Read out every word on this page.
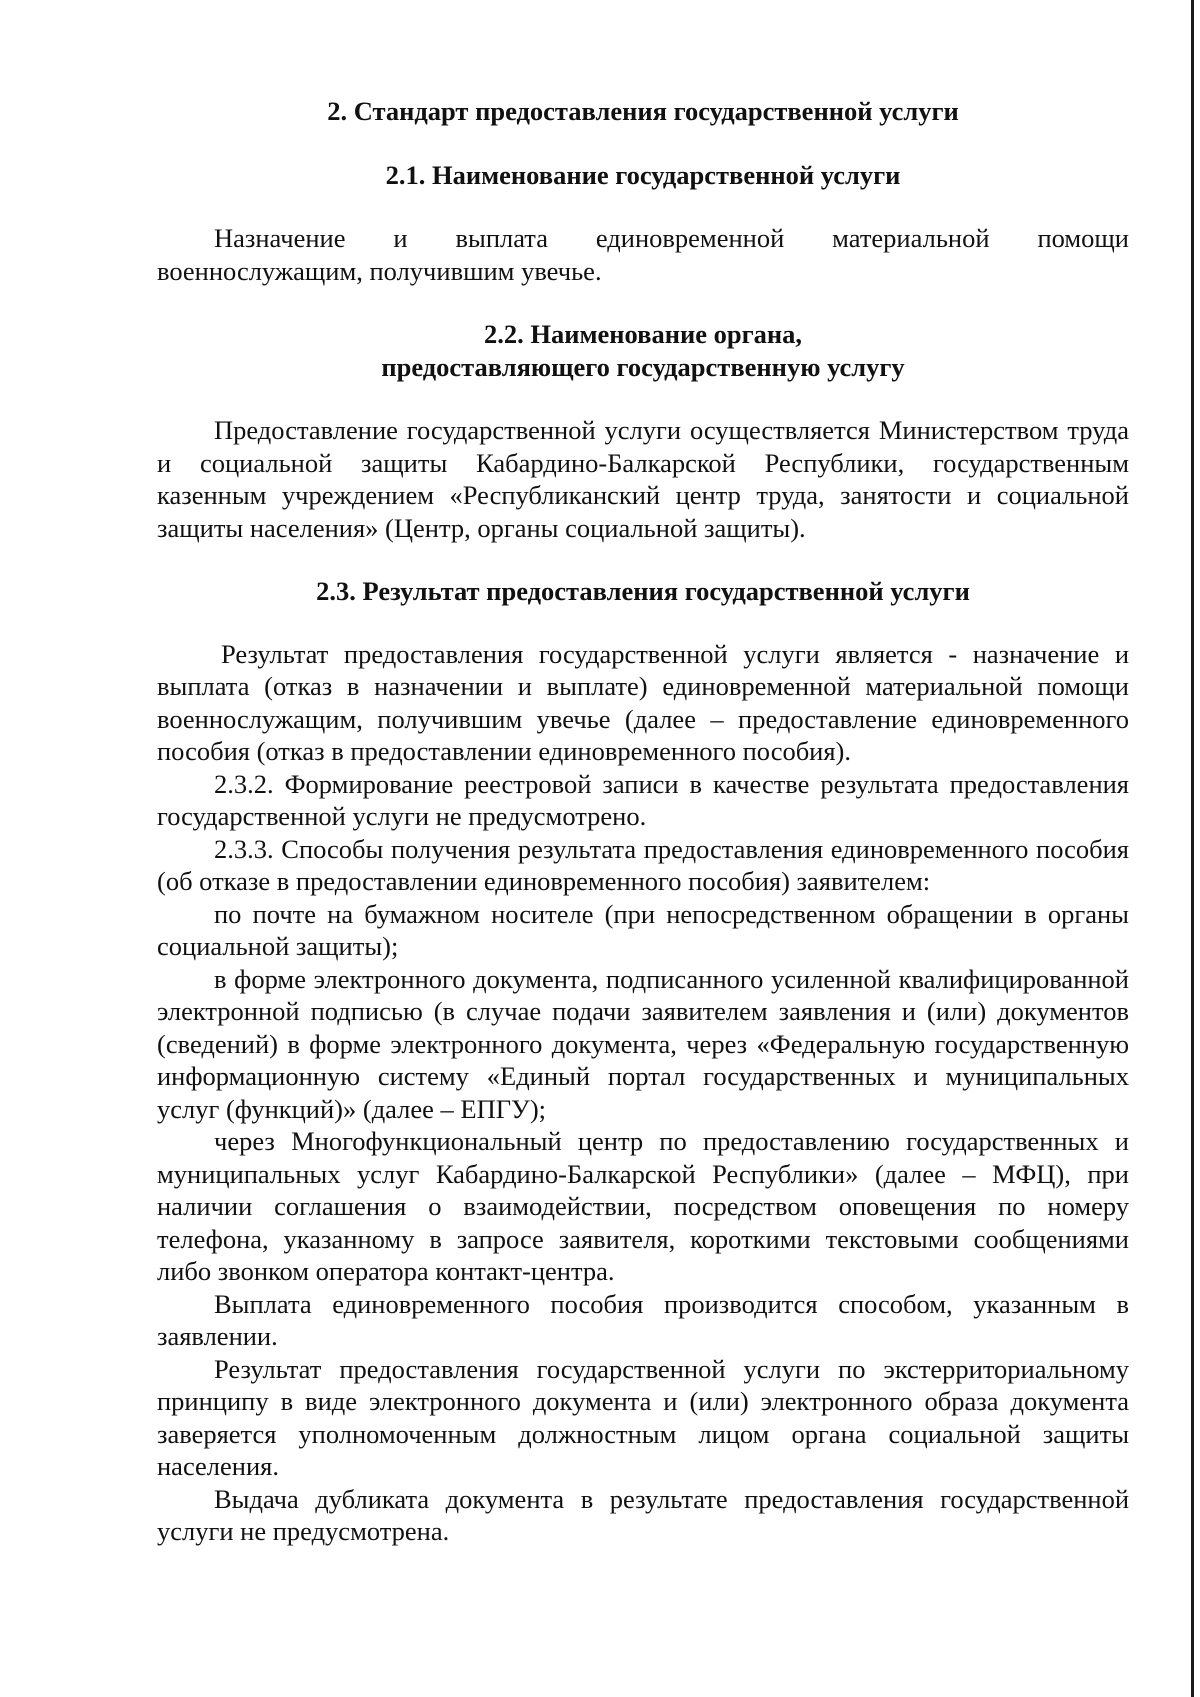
2. Стандарт предоставления государственной услуги

2.1. Наименование государственной услуги

Назначение и выплата единовременной материальной помощи военнослужащим, получившим увечье.

2.2. Наименование органа,

предоставляющего государственную услугу

Предоставление государственной услуги осуществляется Министерством труда и социальной защиты Кабардино-Балкарской Республики, государственным казенным учреждением «Республиканский центр труда, занятости и социальной защиты населения» (Центр, органы социальной защиты).

2.3. Результат предоставления государственной услуги

Результат предоставления государственной услуги является - назначение и выплата (отказ в назначении и выплате) единовременной материальной помощи военнослужащим, получившим увечье (далее – предоставление единовременного пособия (отказ в предоставлении единовременного пособия).

2.3.2. Формирование реестровой записи в качестве результата предоставления государственной услуги не предусмотрено.

2.3.3. Способы получения результата предоставления единовременного пособия (об отказе в предоставлении единовременного пособия) заявителем:

по почте на бумажном носителе (при непосредственном обращении в органы социальной защиты);

в форме электронного документа, подписанного усиленной квалифицированной электронной подписью (в случае подачи заявителем заявления и (или) документов (сведений) в форме электронного документа, через «Федеральную государственную информационную систему «Единый портал государственных и муниципальных услуг (функций)» (далее – ЕПГУ);

через Многофункциональный центр по предоставлению государственных и муниципальных услуг Кабардино-Балкарской Республики» (далее – МФЦ), при наличии соглашения о взаимодействии, посредством оповещения по номеру телефона, указанному в запросе заявителя, короткими текстовыми сообщениями либо звонком оператора контакт-центра.

Выплата единовременного пособия производится способом, указанным в заявлении.

Результат предоставления государственной услуги по экстерриториальному принципу в виде электронного документа и (или) электронного образа документа заверяется уполномоченным должностным лицом органа социальной защиты населения.

Выдача дубликата документа в результате предоставления государственной услуги не предусмотрена.
